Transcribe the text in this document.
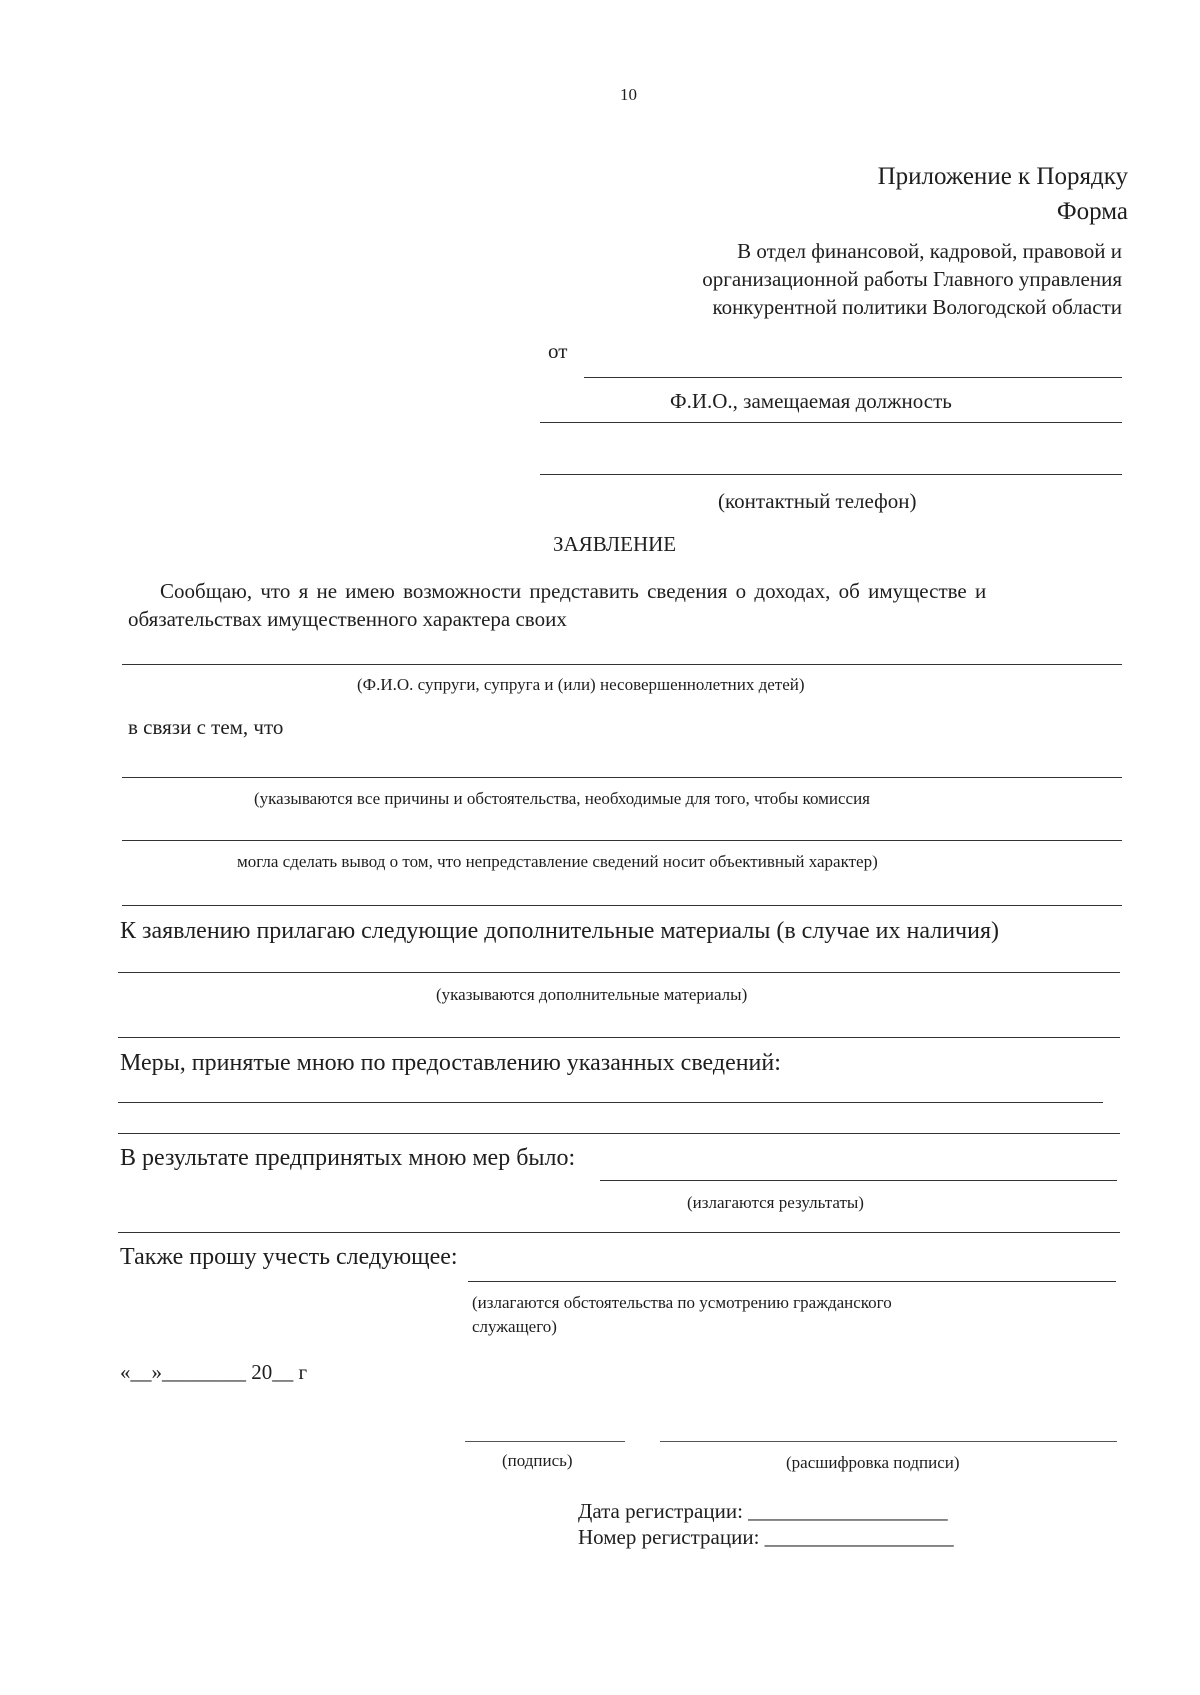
10
Приложение к Порядку
Форма
В отдел финансовой, кадровой, правовой и
организационной работы Главного управления
конкурентной политики Вологодской области
от
Ф.И.О., замещаемая должность
(контактный телефон)
ЗАЯВЛЕНИЕ
Сообщаю, что я не имею возможности представить сведения о доходах, об имуществе и
обязательствах имущественного характера своих
(Ф.И.О. супруги, супруга и (или) несовершеннолетних детей)
в связи с тем, что
(указываются все причины и обстоятельства, необходимые для того, чтобы комиссия
могла сделать вывод о том, что непредставление сведений носит объективный характер)
К заявлению прилагаю следующие дополнительные материалы (в случае их наличия)
(указываются дополнительные материалы)
Меры, принятые мною по предоставлению указанных сведений:
В результате предпринятых мною мер было:
(излагаются результаты)
Также прошу учесть следующее:
(излагаются обстоятельства по усмотрению гражданского
служащего)
«__»________ 20__ г
(подпись)	(расшифровка подписи)
Дата регистрации: ___________________
Номер регистрации: __________________
